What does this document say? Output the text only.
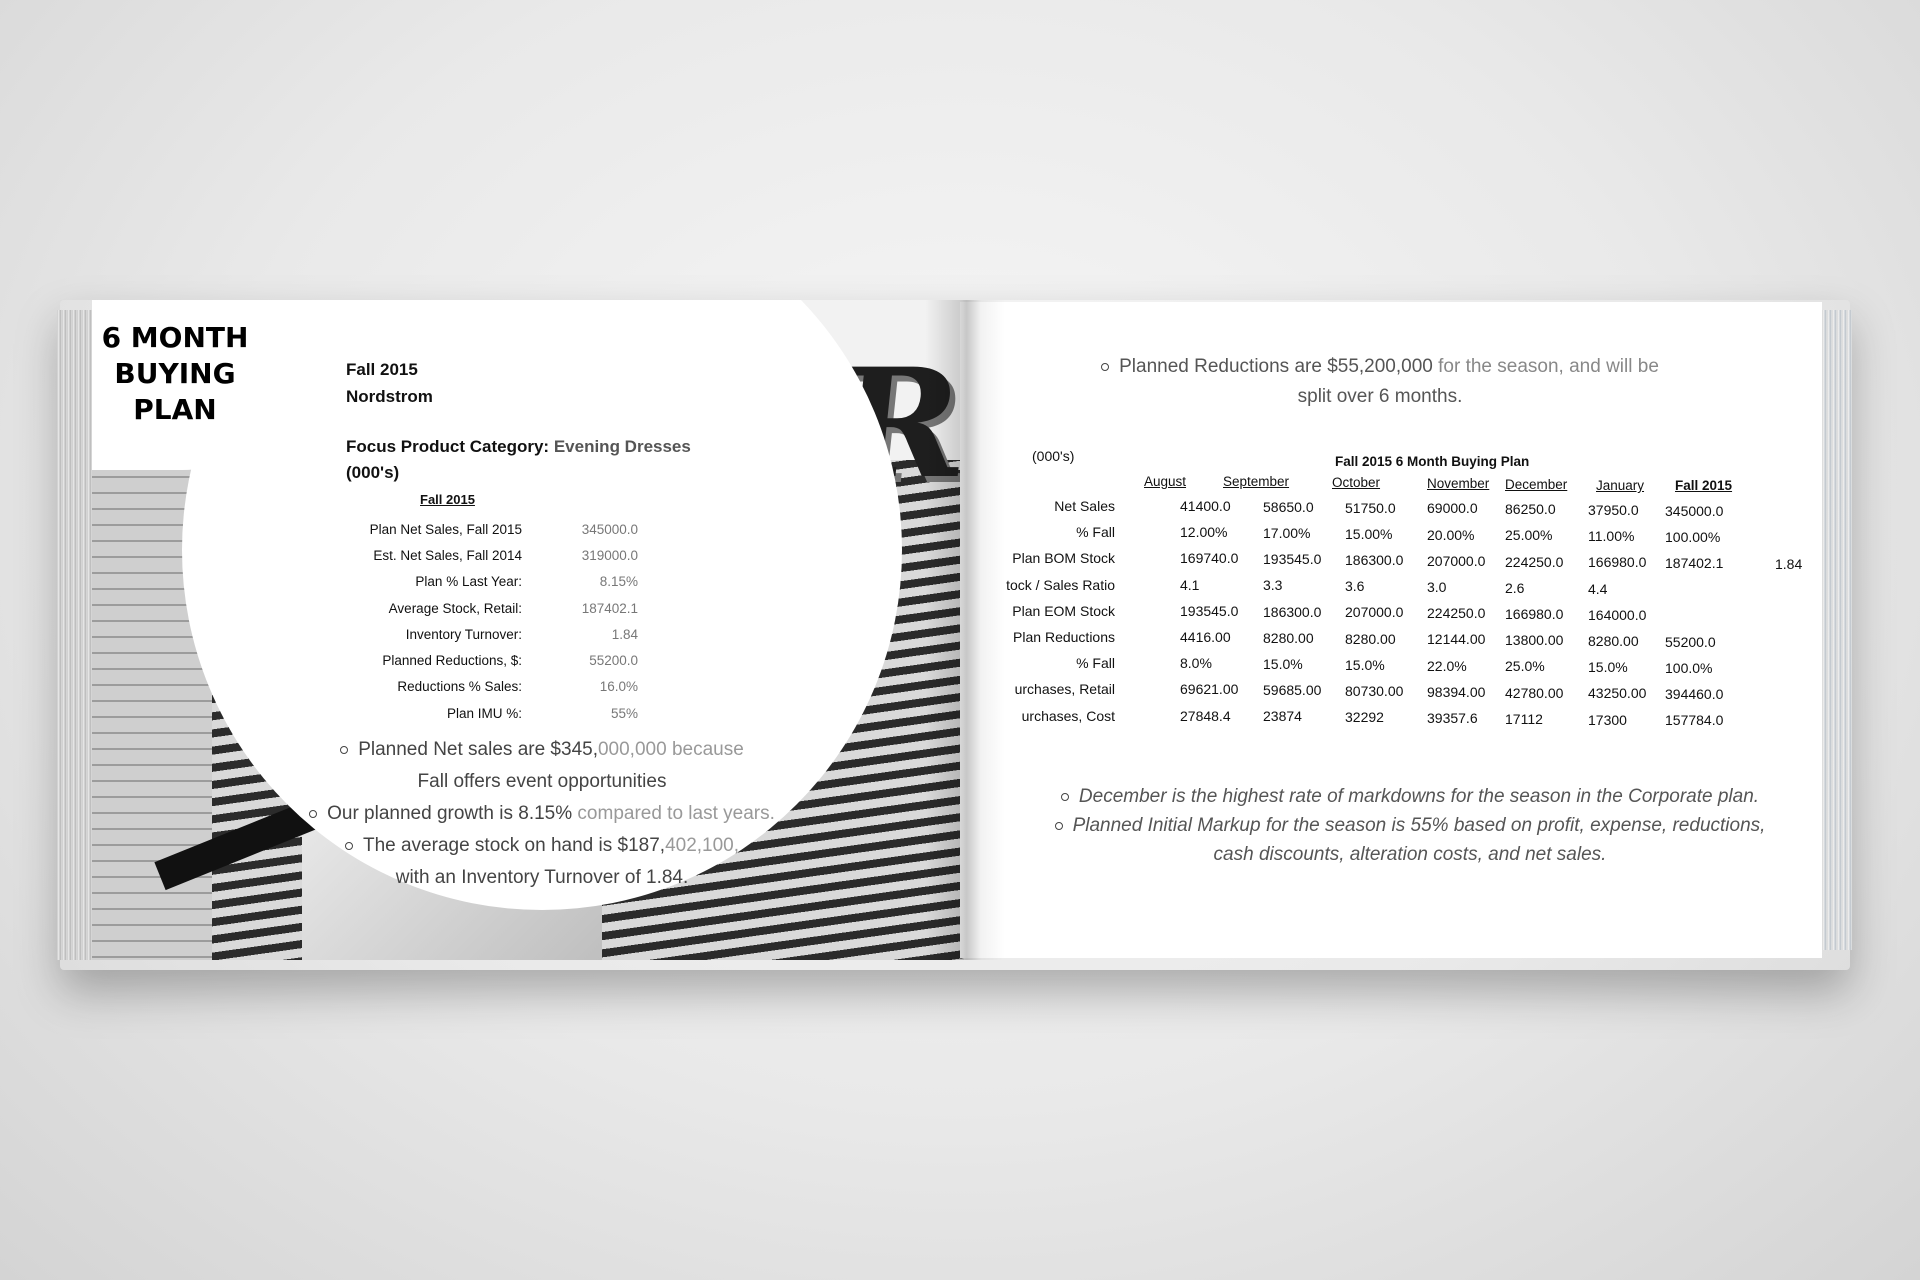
6 MONTH
BUYING
PLAN
Fall 2015
Nordstrom
Focus Product Category: Evening Dresses
(000's)
Fall 2015
Plan Net Sales, Fall 2015	345000.0
Est. Net Sales, Fall 2014	319000.0
Plan % Last Year:	8.15%
Average Stock, Retail:	187402.1
Inventory Turnover:	1.84
Planned Reductions, $:	55200.0
Reductions % Sales:	16.0%
Plan IMU %:	55%
Planned Net sales are $345,000,000 because
Fall offers event opportunities
Our planned growth is 8.15% compared to last years.
The average stock on hand is $187,402,100,
with an Inventory Turnover of 1.84.
Planned Reductions are $55,200,000 for the season, and will be
split over 6 months.
(000's)	Fall 2015 6 Month Buying Plan
August	September	October	November December January Fall 2015
Net Sales	41400.0 58650.0 51750.0 69000.0 86250.0 37950.0 345000.0
% Fall	12.00%	17.00% 15.00% 20.00% 25.00%	11.00% 100.00%
Plan BOM Stock	169740.0 193545.0 186300.0 207000.0 224250.0 166980.0 187402.1	1.84
tock / Sales Ratio	4.1	3.3	3.6	3.0	2.6	4.4
Plan EOM Stock	193545.0 186300.0 207000.0 224250.0 166980.0 164000.0
Plan Reductions	4416.00 8280.00 8280.00 12144.00 13800.00 8280.00 55200.0
% Fall	8.0%	15.0%	15.0%	22.0%	25.0%	15.0%	100.0%
urchases, Retail	69621.00 59685.00 80730.00 98394.00 42780.00 43250.00 394460.0
urchases, Cost	27848.4 23874	32292	39357.6 17112	17300	157784.0
December is the highest rate of markdowns for the season in the Corporate plan.
Planned Initial Markup for the season is 55% based on profit, expense, reductions,
cash discounts, alteration costs, and net sales.
